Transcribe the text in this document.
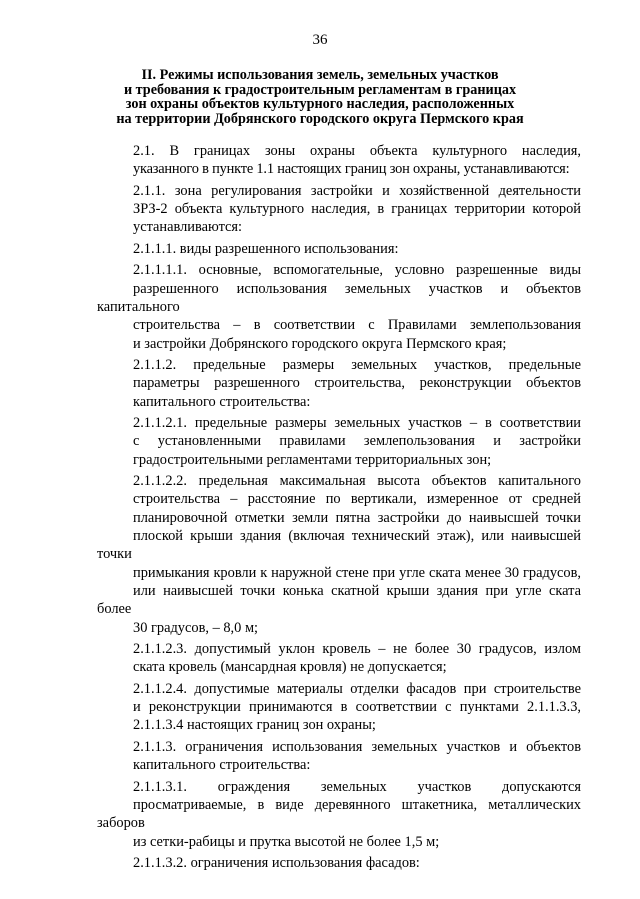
36
II. Режимы использования земель, земельных участков
и требования к градостроительным регламентам в границах
зон охраны объектов культурного наследия, расположенных
на территории Добрянского городского округа Пермского края
2.1. В границах зоны охраны объекта культурного наследия,
указанного в пункте 1.1 настоящих границ зон охраны, устанавливаются:
2.1.1. зона регулирования застройки и хозяйственной деятельности
ЗРЗ-2 объекта культурного наследия, в границах территории которой
устанавливаются:
2.1.1.1. виды разрешенного использования:
2.1.1.1.1. основные, вспомогательные, условно разрешенные виды
разрешенного использования земельных участков и объектов капитального
строительства – в соответствии с Правилами землепользования
и застройки Добрянского городского округа Пермского края;
2.1.1.2. предельные размеры земельных участков, предельные
параметры разрешенного строительства, реконструкции объектов
капитального строительства:
2.1.1.2.1. предельные размеры земельных участков – в соответствии
с установленными правилами землепользования и застройки
градостроительными регламентами территориальных зон;
2.1.1.2.2. предельная максимальная высота объектов капитального
строительства – расстояние по вертикали, измеренное от средней
планировочной отметки земли пятна застройки до наивысшей точки
плоской крыши здания (включая технический этаж), или наивысшей точки
примыкания кровли к наружной стене при угле ската менее 30 градусов,
или наивысшей точки конька скатной крыши здания при угле ската более
30 градусов, – 8,0 м;
2.1.1.2.3. допустимый уклон кровель – не более 30 градусов, излом
ската кровель (мансардная кровля) не допускается;
2.1.1.2.4. допустимые материалы отделки фасадов при строительстве
и реконструкции принимаются в соответствии с пунктами 2.1.1.3.3,
2.1.1.3.4 настоящих границ зон охраны;
2.1.1.3. ограничения использования земельных участков и объектов
капитального строительства:
2.1.1.3.1. ограждения земельных участков допускаются
просматриваемые, в виде деревянного штакетника, металлических заборов
из сетки-рабицы и прутка высотой не более 1,5 м;
2.1.1.3.2. ограничения использования фасадов:
